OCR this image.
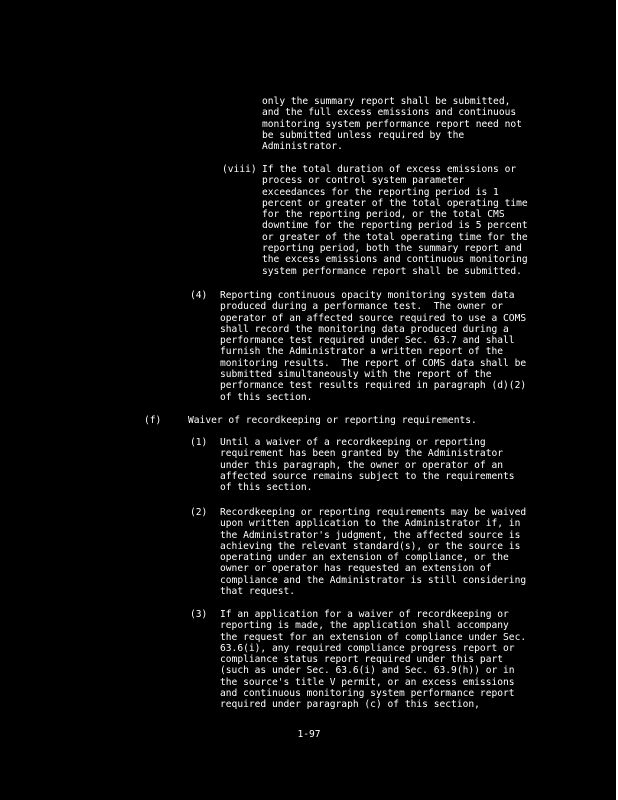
only the summary report shall be submitted,
and the full excess emissions and continuous
monitoring system performance report need not
be submitted unless required by the
Administrator.
(viii) If the total duration of excess emissions or
process or control system parameter
exceedances for the reporting period is 1
percent or greater of the total operating time
for the reporting period, or the total CMS
downtime for the reporting period is 5 percent
or greater of the total operating time for the
reporting period, both the summary report and
the excess emissions and continuous monitoring
system performance report shall be submitted.
(4) Reporting continuous opacity monitoring system data
produced during a performance test.  The owner or
operator of an affected source required to use a COMS
shall record the monitoring data produced during a
performance test required under Sec. 63.7 and shall
furnish the Administrator a written report of the
monitoring results.  The report of COMS data shall be
submitted simultaneously with the report of the
performance test results required in paragraph (d)(2)
of this section.
(f)	Waiver of recordkeeping or reporting requirements.
(1) Until a waiver of a recordkeeping or reporting
requirement has been granted by the Administrator
under this paragraph, the owner or operator of an
affected source remains subject to the requirements
of this section.
(2) Recordkeeping or reporting requirements may be waived
upon written application to the Administrator if, in
the Administrator's judgment, the affected source is
achieving the relevant standard(s), or the source is
operating under an extension of compliance, or the
owner or operator has requested an extension of
compliance and the Administrator is still considering
that request.
(3) If an application for a waiver of recordkeeping or
reporting is made, the application shall accompany
the request for an extension of compliance under Sec.
63.6(i), any required compliance progress report or
compliance status report required under this part
(such as under Sec. 63.6(i) and Sec. 63.9(h)) or in
the source's title V permit, or an excess emissions
and continuous monitoring system performance report
required under paragraph (c) of this section,
1-97
